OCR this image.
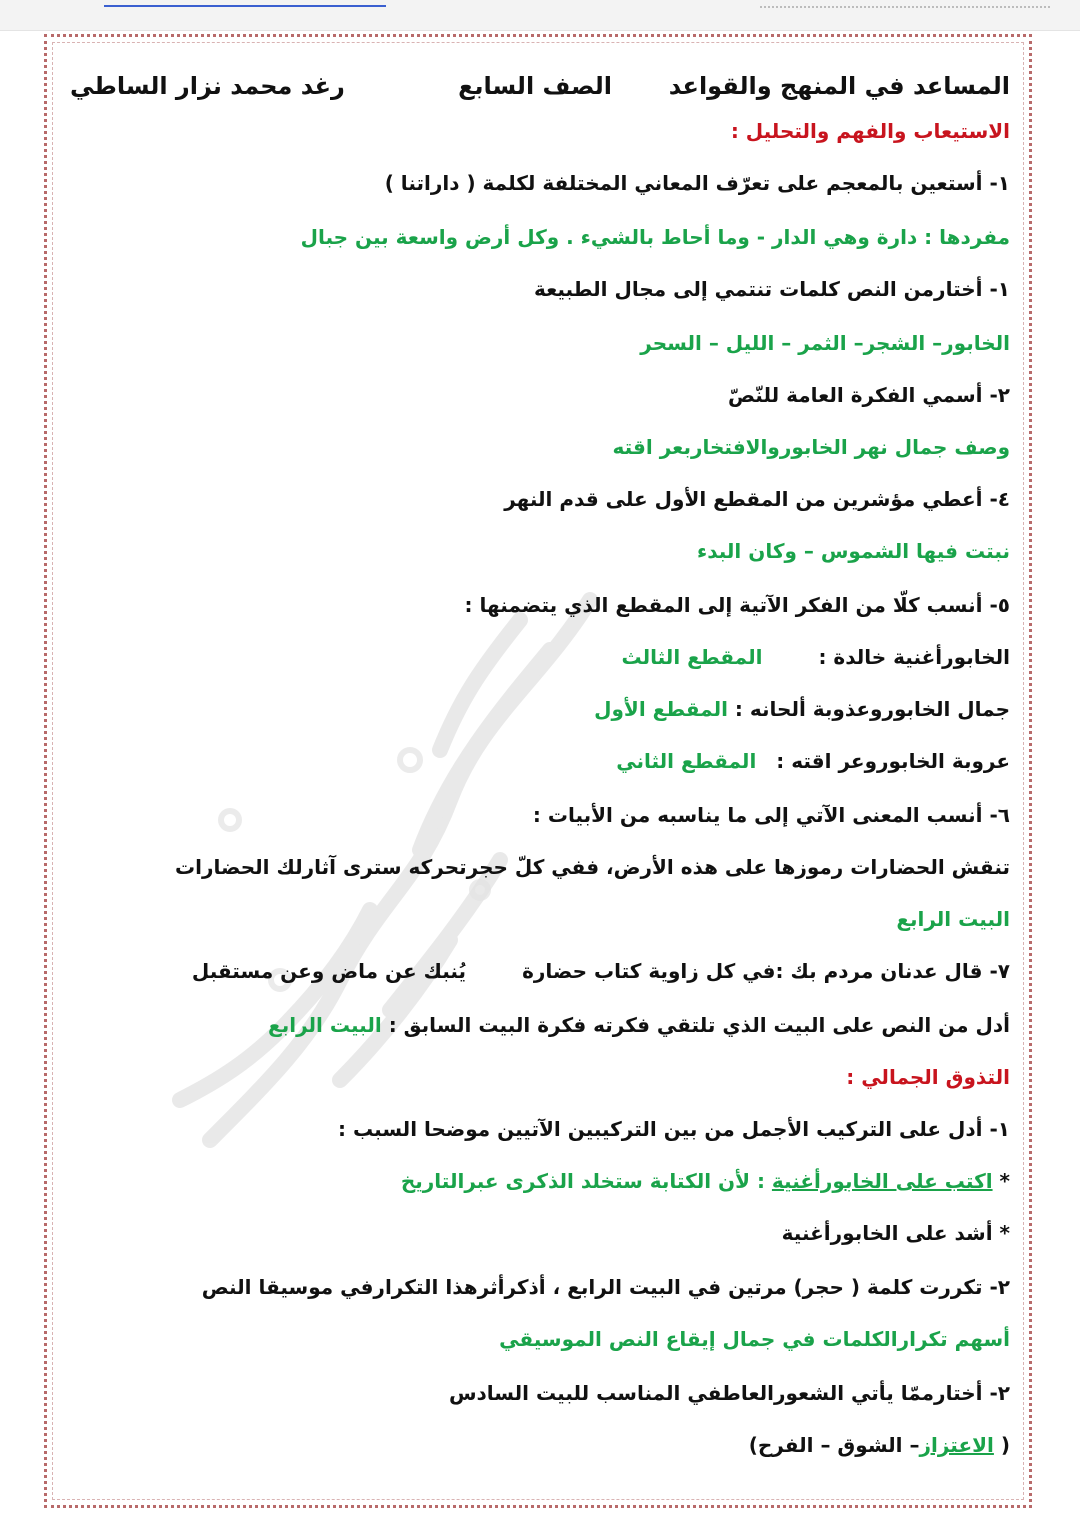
المساعد في المنهج والقواعد
الصف السابع
رغد محمد نزار الساطي
الاستيعاب والفهم والتحليل :
١- أستعين بالمعجم على تعرّف المعاني المختلفة لكلمة ( داراتنا )
مفردها : دارة وهي الدار - وما أحاط بالشيء . وكل أرض واسعة بين جبال
١- أختارمن النص كلمات تنتمي إلى مجال الطبيعة
الخابور– الشجر– الثمر – الليل – السحر
٢- أسمي الفكرة العامة للنّصّ
وصف جمال نهر الخابوروالافتخاربعر اقته
٤- أعطي مؤشرين من المقطع الأول على قدم النهر
نبتت فيها الشموس – وكان البدء
٥- أنسب كلّا من الفكر الآتية إلى المقطع الذي يتضمنها :
الخابورأغنية خالدة :المقطع الثالث
جمال الخابوروعذوبة ألحانه : المقطع الأول
عروبة الخابوروعر اقته :المقطع الثاني
٦- أنسب المعنى الآتي إلى ما يناسبه من الأبيات :
تنقش الحضارات رموزها على هذه الأرض، ففي كلّ حجرتحركه سترى آثارلك الحضارات
البيت الرابع
٧- قال عدنان مردم بك :في كل زاوية كتاب حضارةيُنبك عن ماض وعن مستقبل
أدل من النص على البيت الذي تلتقي فكرته فكرة البيت السابق : البيت الرابع
التذوق الجمالي :
١- أدل على التركيب الأجمل من بين التركيبين الآتيين موضحا السبب :
* اكتب على الخابورأغنية : لأن الكتابة ستخلد الذكرى عبرالتاريخ
* أشد على الخابورأغنية
٢- تكررت كلمة ( حجر) مرتين في البيت الرابع ، أذكرأثرهذا التكرارفي موسيقا النص
أسهم تكرارالكلمات في جمال إيقاع النص الموسيقي
٢- أختارممّا يأتي الشعورالعاطفي المناسب للبيت السادس
( الاعتزاز– الشوق – الفرح)
